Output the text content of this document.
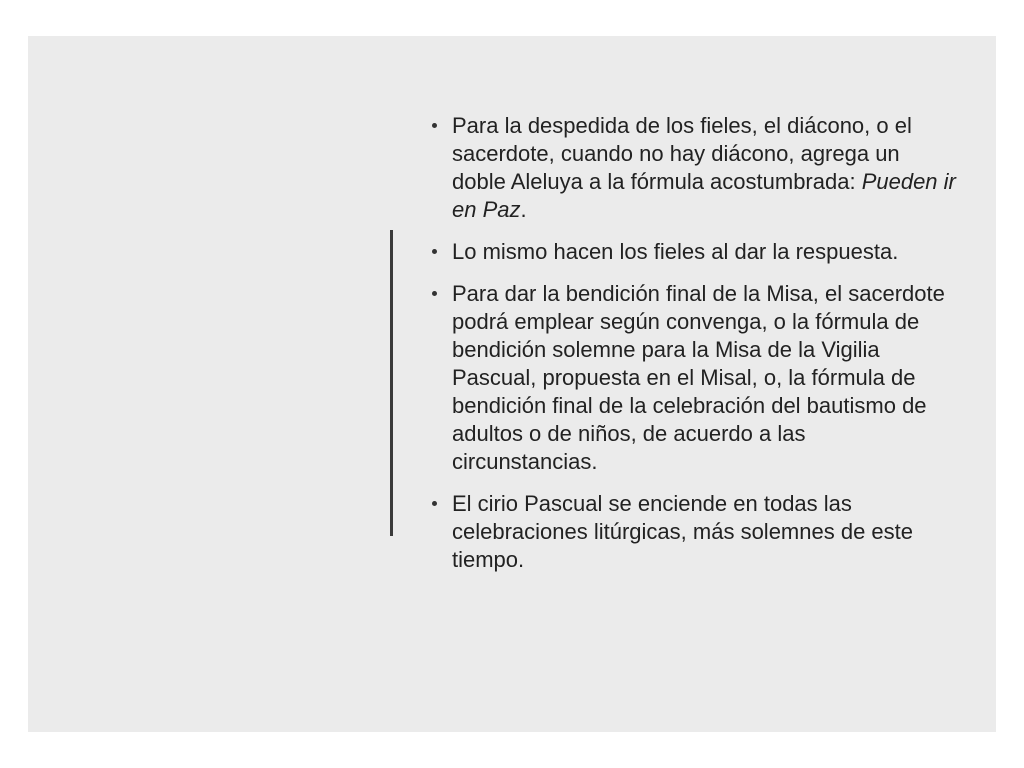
Para la despedida de los fieles, el diácono, o el sacerdote, cuando no hay diácono, agrega un doble Aleluya a la fórmula acostumbrada: Pueden ir en Paz.
Lo mismo hacen los fieles al dar la respuesta.
Para dar la bendición final de la Misa, el sacerdote podrá emplear según convenga, o la fórmula de bendición solemne para la Misa de la Vigilia Pascual, propuesta en el Misal, o, la fórmula de bendición final de la celebración del bautismo de adultos o de niños, de acuerdo a las circunstancias.
El cirio Pascual se enciende en todas las celebraciones litúrgicas, más solemnes de este tiempo.
